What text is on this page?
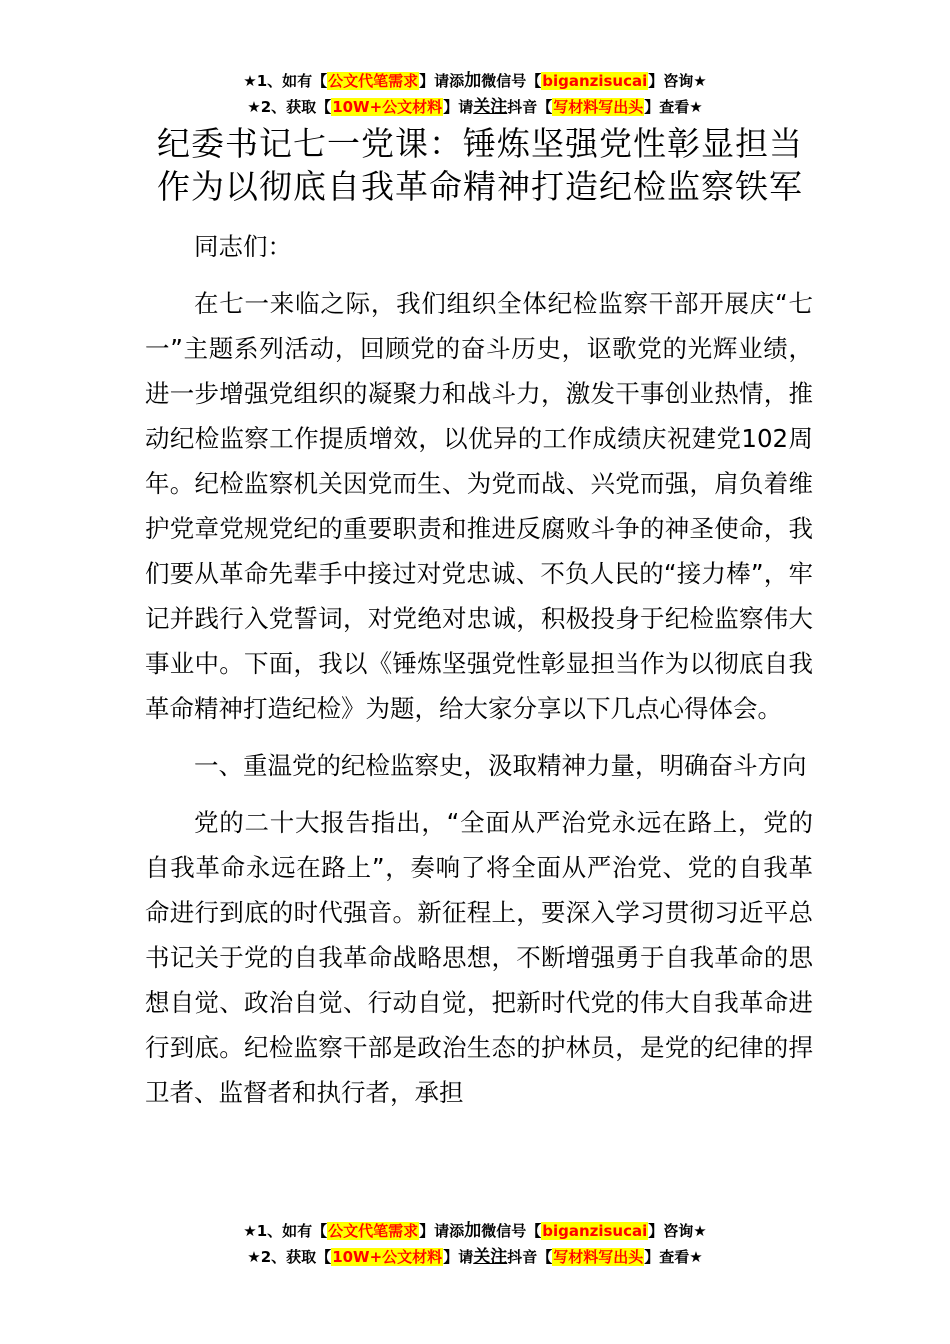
★1、如有【公文代笔需求】请添加微信号【biganzisucai】咨询★
★2、获取【10W+公文材料】请关注抖音【写材料写出头】查看★
纪委书记七一党课：锤炼坚强党性彰显担当作为以彻底自我革命精神打造纪检监察铁军

同志们：

在七一来临之际，我们组织全体纪检监察干部开展庆“七一”主题系列活动，回顾党的奋斗历史，讴歌党的光辉业绩，进一步增强党组织的凝聚力和战斗力，激发干事创业热情，推动纪检监察工作提质增效，以优异的工作成绩庆祝建党102周年。纪检监察机关因党而生、为党而战、兴党而强，肩负着维护党章党规党纪的重要职责和推进反腐败斗争的神圣使命，我们要从革命先辈手中接过对党忠诚、不负人民的“接力棒”，牢记并践行入党誓词，对党绝对忠诚，积极投身于纪检监察伟大事业中。下面，我以《锤炼坚强党性彰显担当作为以彻底自我革命精神打造纪检》为题，给大家分享以下几点心得体会。

一、重温党的纪检监察史，汲取精神力量，明确奋斗方向

党的二十大报告指出，“全面从严治党永远在路上，党的自我革命永远在路上”，奏响了将全面从严治党、党的自我革命进行到底的时代强音。新征程上，要深入学习贯彻习近平总书记关于党的自我革命战略思想，不断增强勇于自我革命的思想自觉、政治自觉、行动自觉，把新时代党的伟大自我革命进行到底。纪检监察干部是政治生态的护林员，是党的纪律的捍卫者、监督者和执行者，承担

★1、如有【公文代笔需求】请添加微信号【biganzisucai】咨询★
★2、获取【10W+公文材料】请关注抖音【写材料写出头】查看★
